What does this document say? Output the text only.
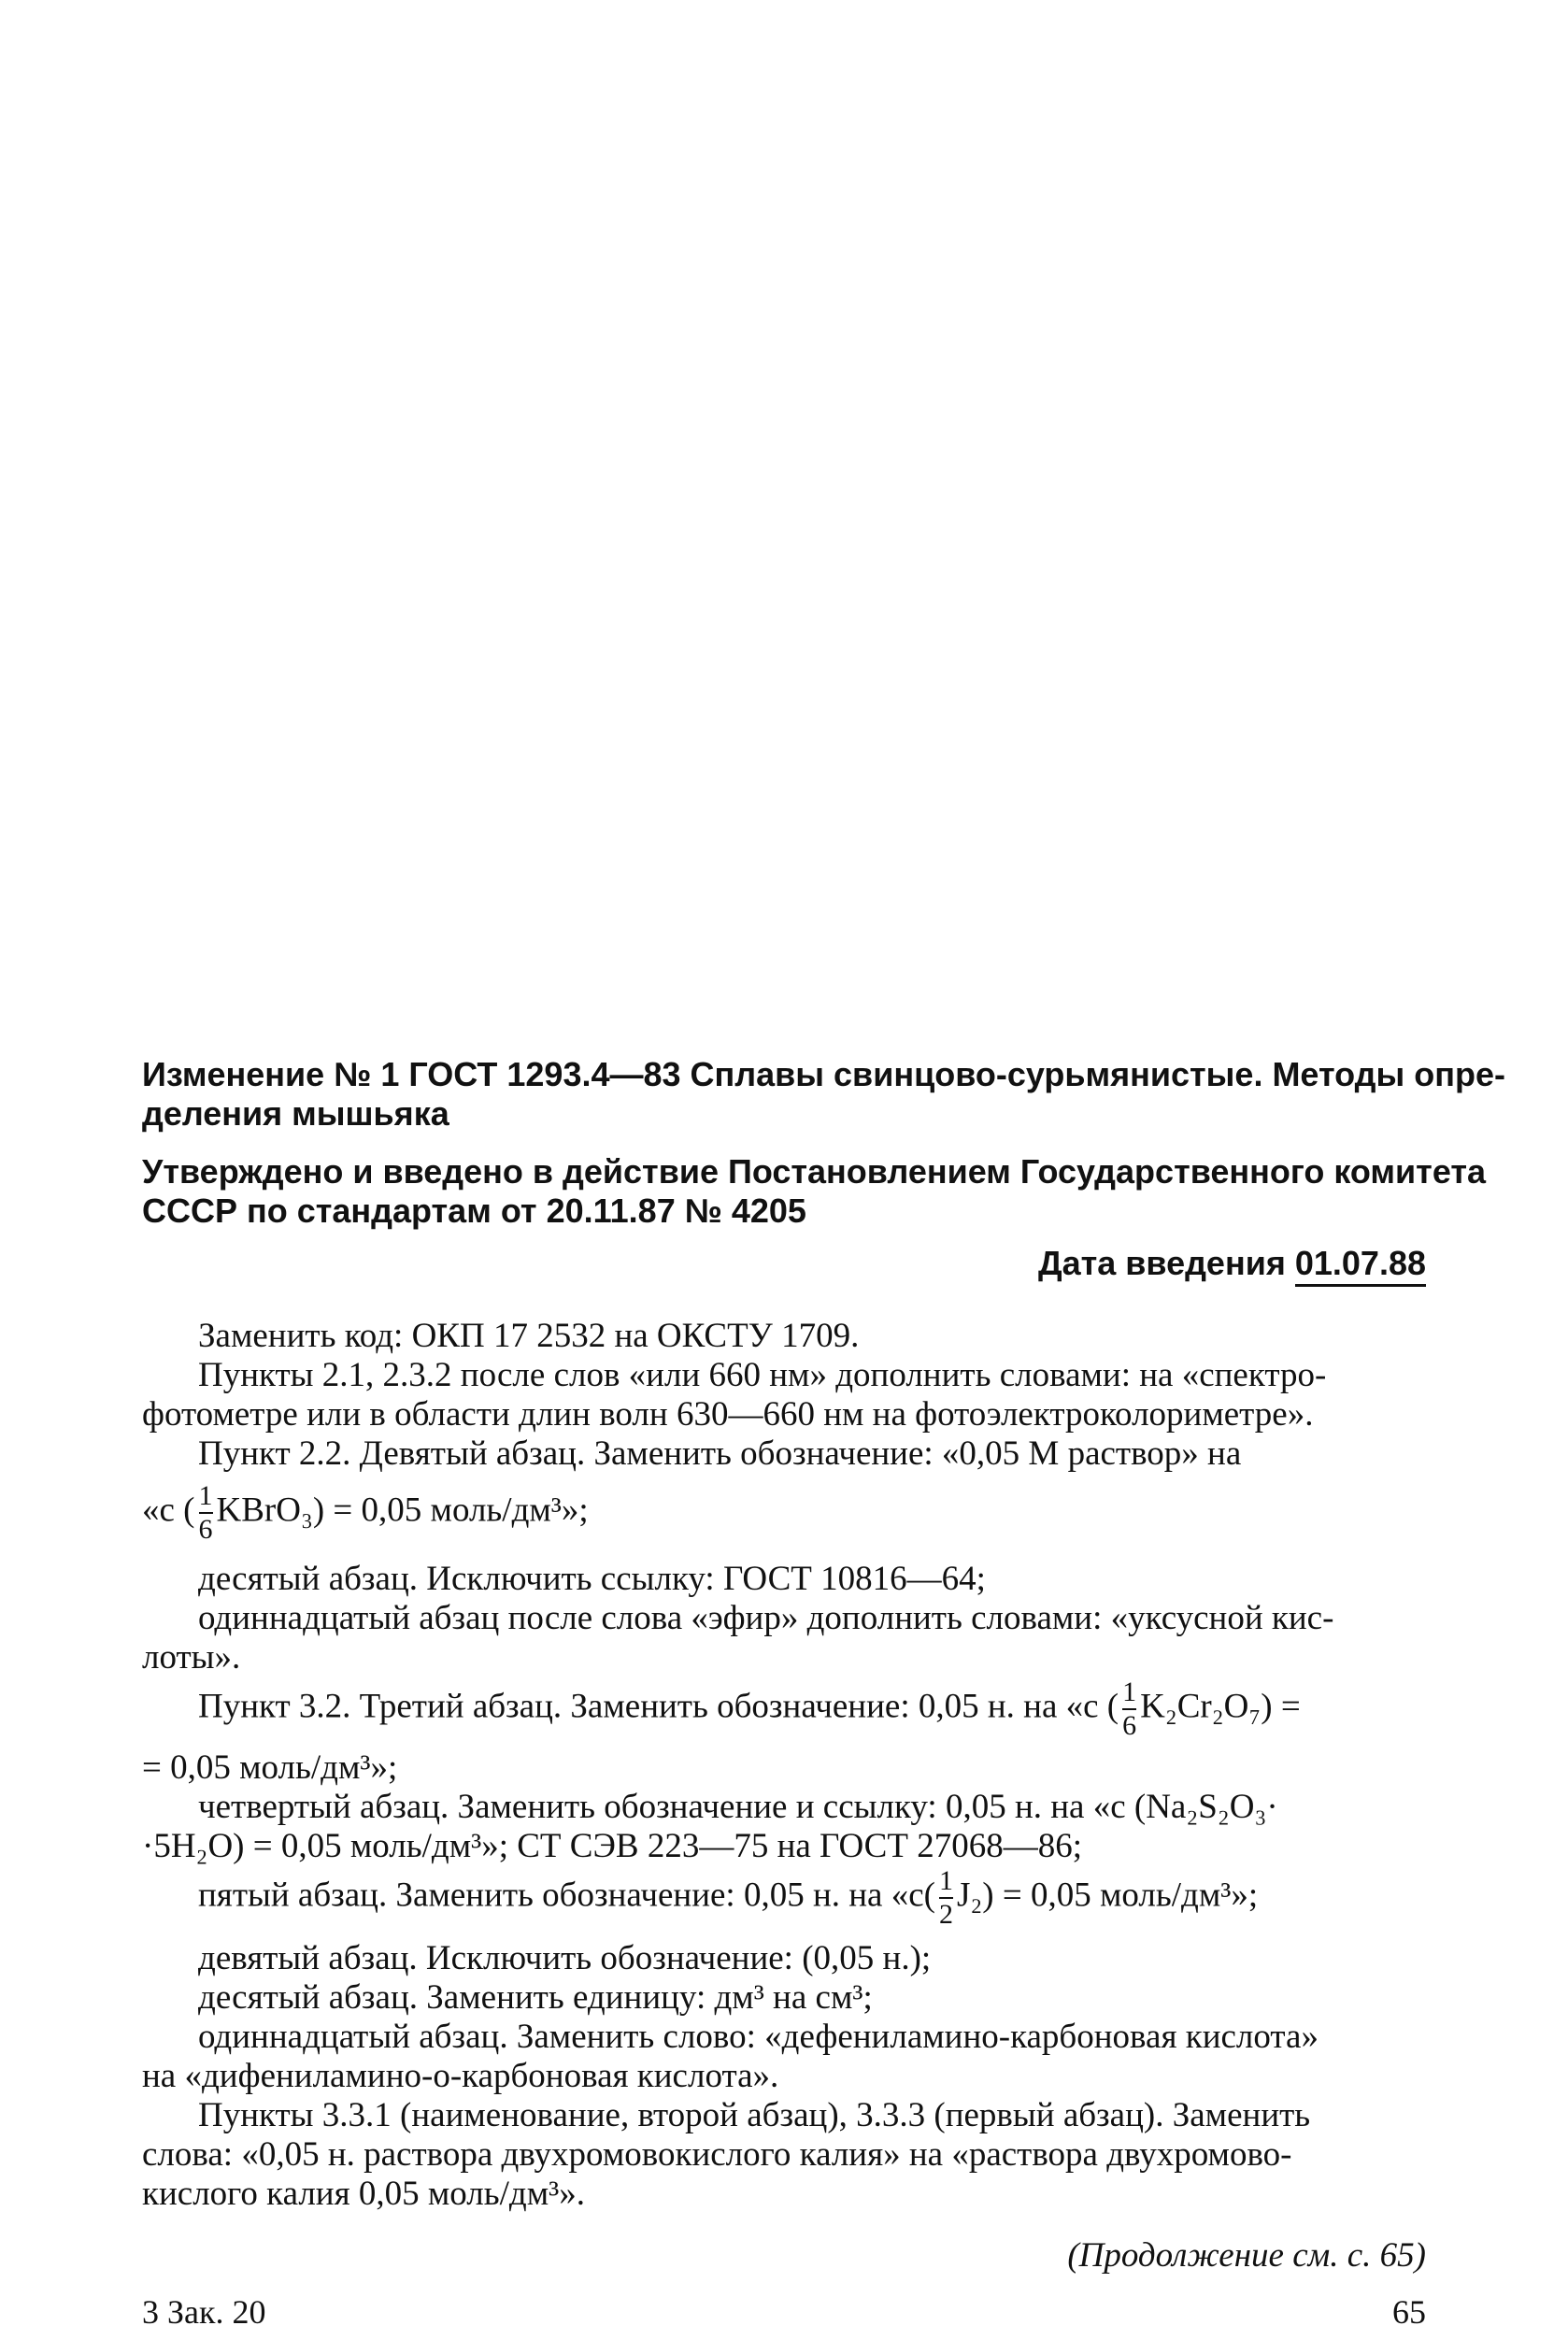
Изменение № 1 ГОСТ 1293.4—83 Сплавы свинцово-сурьмянистые. Методы опре-
деления мышьяка
Утверждено и введено в действие Постановлением Государственного комитета
СССР по стандартам от 20.11.87 № 4205
Дата введения 01.07.88
Заменить код: ОКП 17 2532 на ОКСТУ 1709.
Пункты 2.1, 2.3.2 после слов «или 660 нм» дополнить словами: на «спектро-
фотометре или в области длин волн 630—660 нм на фотоэлектроколориметре».
Пункт 2.2. Девятый абзац. Заменить обозначение: «0,05 М раствор» на
«с ( $\frac{1}{6}$ KBrO₃) = 0,05 моль/дм³»;
десятый абзац. Исключить ссылку: ГОСТ 10816—64;
одиннадцатый абзац после слова «эфир» дополнить словами: «уксусной кис-
лоты».
Пункт 3.2. Третий абзац. Заменить обозначение: 0,05 н. на «с ( $\frac{1}{6} K_2Cr_2O_7$) =
= 0,05 моль/дм³»;
четвертый абзац. Заменить обозначение и ссылку: 0,05 н. на «с (Na₂S₂O₃·
·5H₂O) = 0,05 моль/дм³»; СТ СЭВ 223—75 на ГОСТ 27068—86;
пятый абзац. Заменить обозначение: 0,05 н. на «$с( \frac{1}{2} J_2) = 0,05$ моль/дм³»;
девятый абзац. Исключить обозначение: (0,05 н.);
десятый абзац. Заменить единицу: дм³ на см³;
одиннадцатый абзац. Заменить слово: «дефениламино-карбоновая кислота»
на «дифениламино-о-карбоновая кислота».
Пункты 3.3.1 (наименование, второй абзац), 3.3.3 (первый абзац). Заменить
слова: «0,05 н. раствора двухромовокислого калия» на «раствора двухромово-
кислого калия 0,05 моль/дм³».
(Продолжение см. с. 65)
3 Зак. 20	65
